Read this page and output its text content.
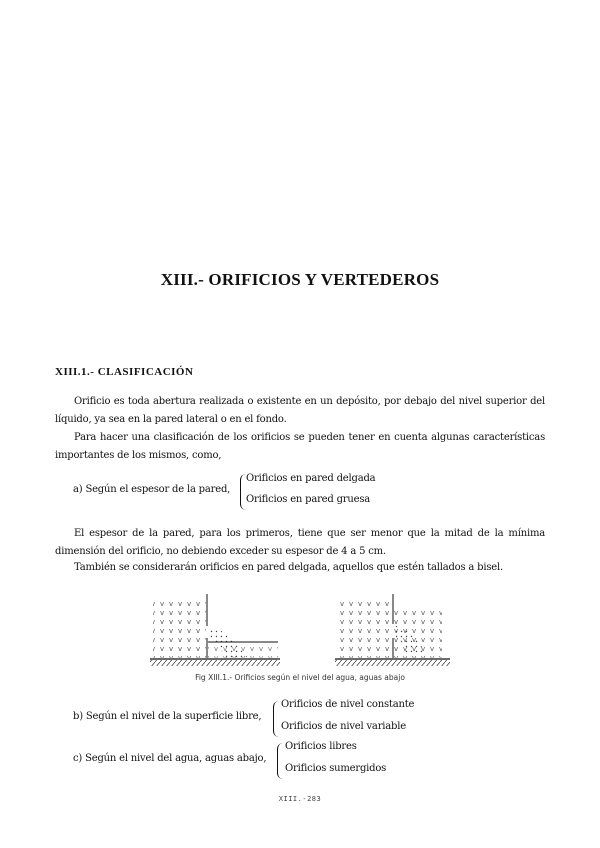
XIII.- ORIFICIOS Y VERTEDEROS
XIII.1.- CLASIFICACIÓN
Orificio es toda abertura realizada o existente en un depósito, por debajo del nivel superior del líquido, ya sea en la pared lateral o en el fondo.
Para hacer una clasificación de los orificios se pueden tener en cuenta algunas características importantes de los mismos, como,
a) Según el espesor de la pared,
Orificios en pared delgada
Orificios en pared gruesa
El espesor de la pared, para los primeros, tiene que ser menor que la mitad de la mínima dimensión del orificio, no debiendo exceder su espesor de 4 a 5 cm.
También se considerarán orificios en pared delgada, aquellos que estén tallados a bisel.
Fig XIII.1.- Orificios según el nivel del agua, aguas abajo
b) Según el nivel de la superficie libre,
Orificios de nivel constante
Orificios de nivel variable
c) Según el nivel del agua, aguas abajo,
Orificios libres
Orificios sumergidos
XIII.-283
